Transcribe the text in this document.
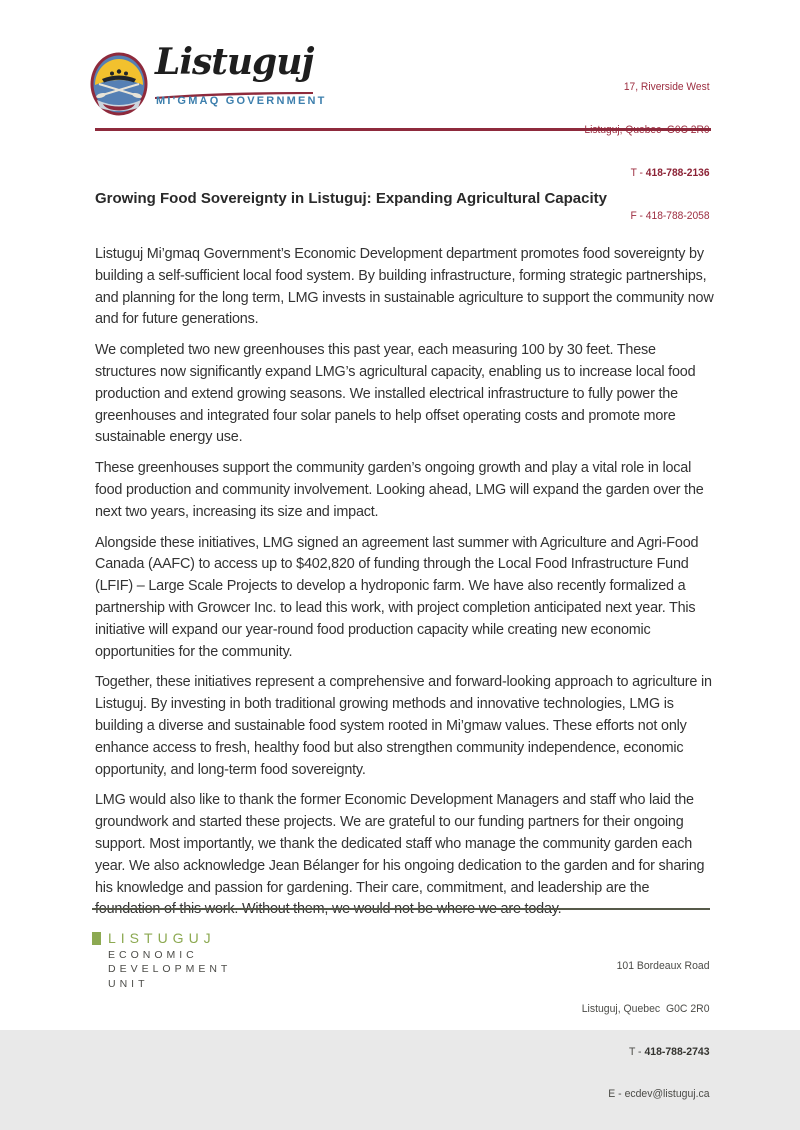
Listuguj
MI'GMAQ GOVERNMENT

17, Riverside West

T - 418-788-2136

F - 418-788-2058

Growing Food Sovereignty in Listuguj: Expanding Agricultural Capacity

Listuguj Mi’gmaq Government’s Economic Development department promotes food sovereignty by building a self-sufficient local food system. By building infrastructure, forming strategic partnerships, and planning for the long term, LMG invests in sustainable agriculture to support the community now and for future generations.

We completed two new greenhouses this past year, each measuring 100 by 30 feet. These structures now significantly expand LMG’s agricultural capacity, enabling us to increase local food production and extend growing seasons. We installed electrical infrastructure to fully power the greenhouses and integrated four solar panels to help offset operating costs and promote more sustainable energy use.

These greenhouses support the community garden’s ongoing growth and play a vital role in local food production and community involvement. Looking ahead, LMG will expand the garden over the next two years, increasing its size and impact.

Alongside these initiatives, LMG signed an agreement last summer with Agriculture and Agri-Food Canada (AAFC) to access up to $402,820 of funding through the Local Food Infrastructure Fund (LFIF) – Large Scale Projects to develop a hydroponic farm. We have also recently formalized a partnership with Growcer Inc. to lead this work, with project completion anticipated next year. This initiative will expand our year-round food production capacity while creating new economic opportunities for the community.

Together, these initiatives represent a comprehensive and forward-looking approach to agriculture in Listuguj. By investing in both traditional growing methods and innovative technologies, LMG is building a diverse and sustainable food system rooted in Mi’gmaw values. These efforts not only enhance access to fresh, healthy food but also strengthen community independence, economic opportunity, and long-term food sovereignty.

LMG would also like to thank the former Economic Development Managers and staff who laid the groundwork and started these projects. We are grateful to our funding partners for their ongoing support. Most importantly, we thank the dedicated staff who manage the community garden each year. We also acknowledge Jean Bélanger for his ongoing dedication to the garden and for sharing his knowledge and passion for gardening. Their care, commitment, and leadership are the foundation of this work. Without them, we would not be where we are today.

LISTUGUJ
ECONOMIC
DEVELOPMENT
UNIT

101 Bordeaux Road

Listuguj, Quebec  G0C 2R0

T - 418-788-2743

E - ecdev@listuguj.ca
